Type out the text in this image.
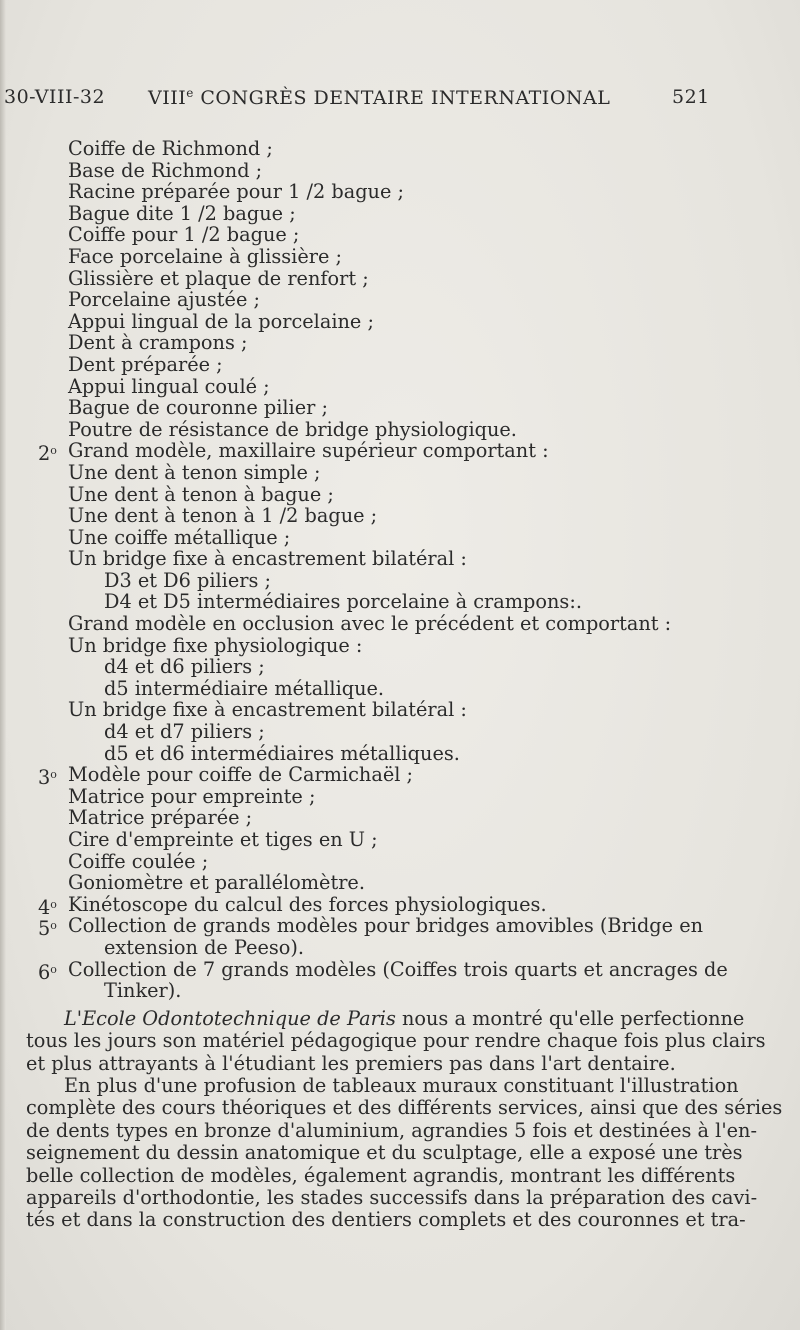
30-VIII-32 VIIIe CONGRÈS DENTAIRE INTERNATIONAL	521
Coiffe de Richmond ;
Base de Richmond ;
Racine préparée pour 1 /2 bague ;
Bague dite 1 /2 bague ;
Coiffe pour 1 /2 bague ;
Face porcelaine à glissière ;
Glissière et plaque de renfort ;
Porcelaine ajustée ;
Appui lingual de la porcelaine ;
Dent à crampons ;
Dent préparée ;
Appui lingual coulé ;
Bague de couronne pilier ;
Poutre de résistance de bridge physiologique.
2$^o$ Grand modèle, maxillaire supérieur comportant :
Une dent à tenon simple ;
Une dent à tenon à bague ;
Une dent à tenon à 1 /2 bague ;
Une coiffe métallique ;
Un bridge fixe à encastrement bilatéral :
D3 et D6 piliers ;
D4 et D5 intermédiaires porcelaine à crampons:.
Grand modèle en occlusion avec le précédent et comportant :
Un bridge fixe physiologique :
d4 et d6 piliers ;
d5 intermédiaire métallique.
Un bridge fixe à encastrement bilatéral :
d4 et d7 piliers ;
d5 et d6 intermédiaires métalliques.
3$^o$ Modèle pour coiffe de Carmichaël ;
Matrice pour empreinte ;
Matrice préparée ;
Cire d'empreinte et tiges en U ;
Coiffe coulée ;
Goniomètre et parallélomètre.
4$^o$ Kinétoscope du calcul des forces physiologiques.
5$^o$ Collection de grands modèles pour bridges amovibles (Bridge en
extension de Peeso).
6$^o$ Collection de 7 grands modèles (Coiffes trois quarts et ancrages de
Tinker).
L'Ecole Odontotechnique de Paris nous a montré qu'elle perfectionne
tous les jours son matériel pédagogique pour rendre chaque fois plus clairs
et plus attrayants à l'étudiant les premiers pas dans l'art dentaire.
En plus d'une profusion de tableaux muraux constituant l'illustration
complète des cours théoriques et des différents services, ainsi que des séries
de dents types en bronze d'aluminium, agrandies 5 fois et destinées à l'en-
seignement du dessin anatomique et du sculptage, elle a exposé une très
belle collection de modèles, également agrandis, montrant les différents
appareils d'orthodontie, les stades successifs dans la préparation des cavi-
tés et dans la construction des dentiers complets et des couronnes et tra-
